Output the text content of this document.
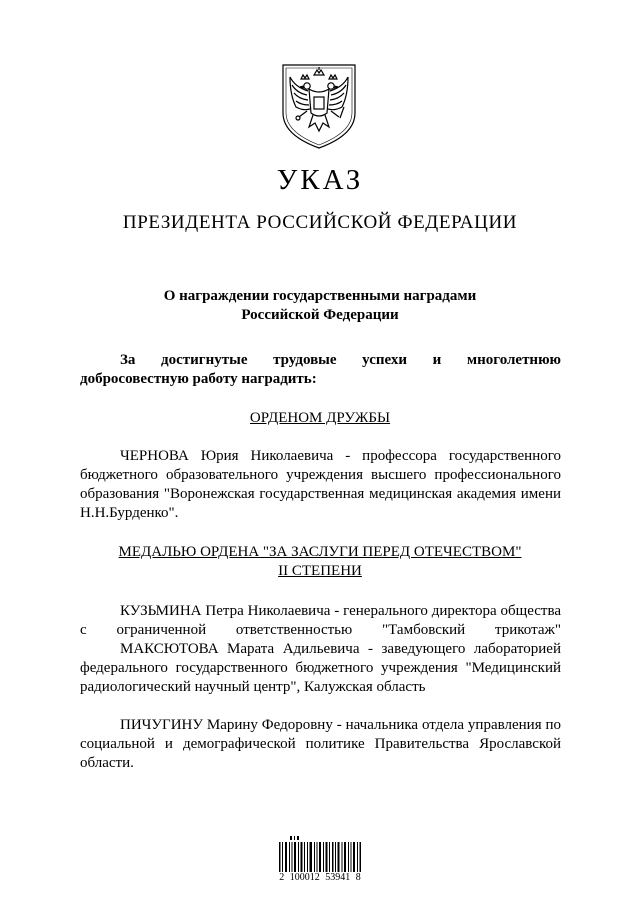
УКАЗ
ПРЕЗИДЕНТА РОССИЙСКОЙ ФЕДЕРАЦИИ
О награждении государственными наградами
Российской Федерации
За достигнутые трудовые успехи и многолетнюю добросовестную работу наградить:
ОРДЕНОМ ДРУЖБЫ
ЧЕРНОВА Юрия Николаевича - профессора государственного бюджетного образовательного учреждения высшего профессионального образования "Воронежская государственная медицинская академия имени Н.Н.Бурденко".
МЕДАЛЬЮ ОРДЕНА "ЗА ЗАСЛУГИ ПЕРЕД ОТЕЧЕСТВОМ"
II СТЕПЕНИ
КУЗЬМИНА Петра Николаевича - генерального директора общества с ограниченной ответственностью "Тамбовский трикотаж"
МАКСЮТОВА Марата Адильевича - заведующего лабораторией федерального государственного бюджетного учреждения "Медицинский радиологический научный центр", Калужская область
ПИЧУГИНУ Марину Федоровну - начальника отдела управления по социальной и демографической политике Правительства Ярославской области.
2 100012 53941 8
